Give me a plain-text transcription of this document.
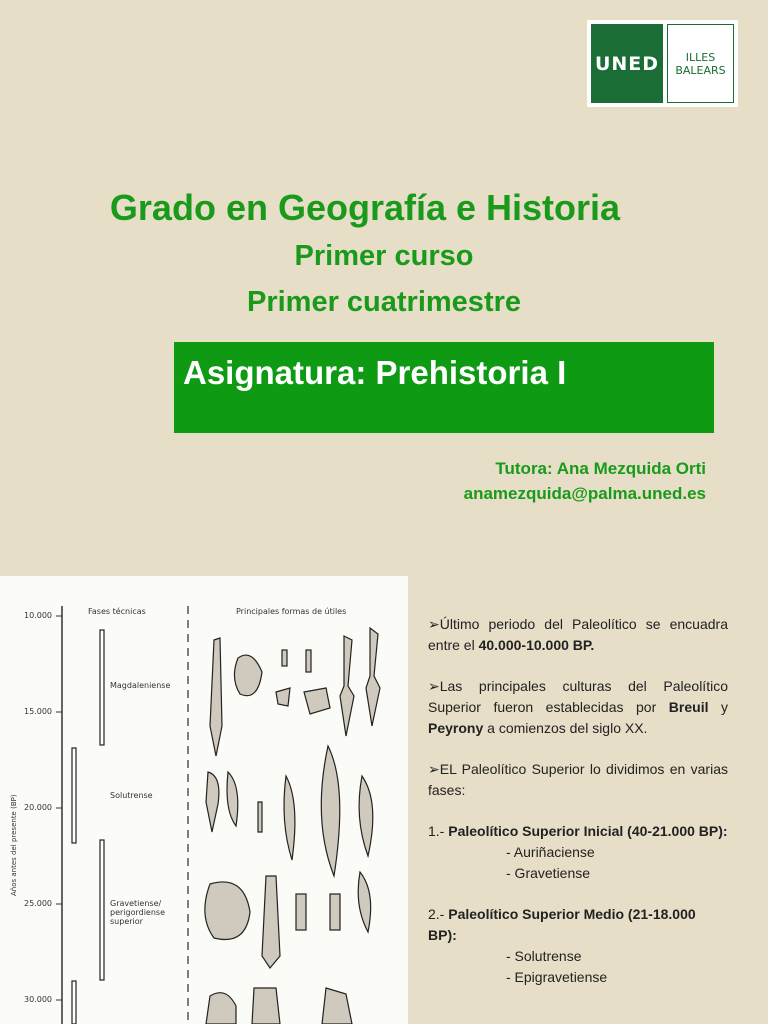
UNED	ILLES
BALEARS
Grado en Geografía e Historia
Primer curso
Primer cuatrimestre
Asignatura: Prehistoria I
Tutora: Ana Mezquida Orti
anamezquida@palma.uned.es
10.000
15.000
20.000
25.000
30.000
Años antes del presente (BP)
Fases técnicas	Principales formas de útiles
Magdaleniense
Solutrense
Gravetiense/
perigordiense
superior

➢Último periodo del Paleolítico se encuadra entre el 40.000-10.000 BP.

➢Las principales culturas del Paleolítico Superior fueron establecidas por Breuil y Peyrony a comienzos del siglo XX.

➢EL Paleolítico Superior lo dividimos en varias fases:

1.- Paleolítico Superior Inicial (40-21.000 BP):

- Auriñaciense

- Gravetiense

2.- Paleolítico Superior Medio (21-18.000 BP):

- Solutrense

- Epigravetiense
